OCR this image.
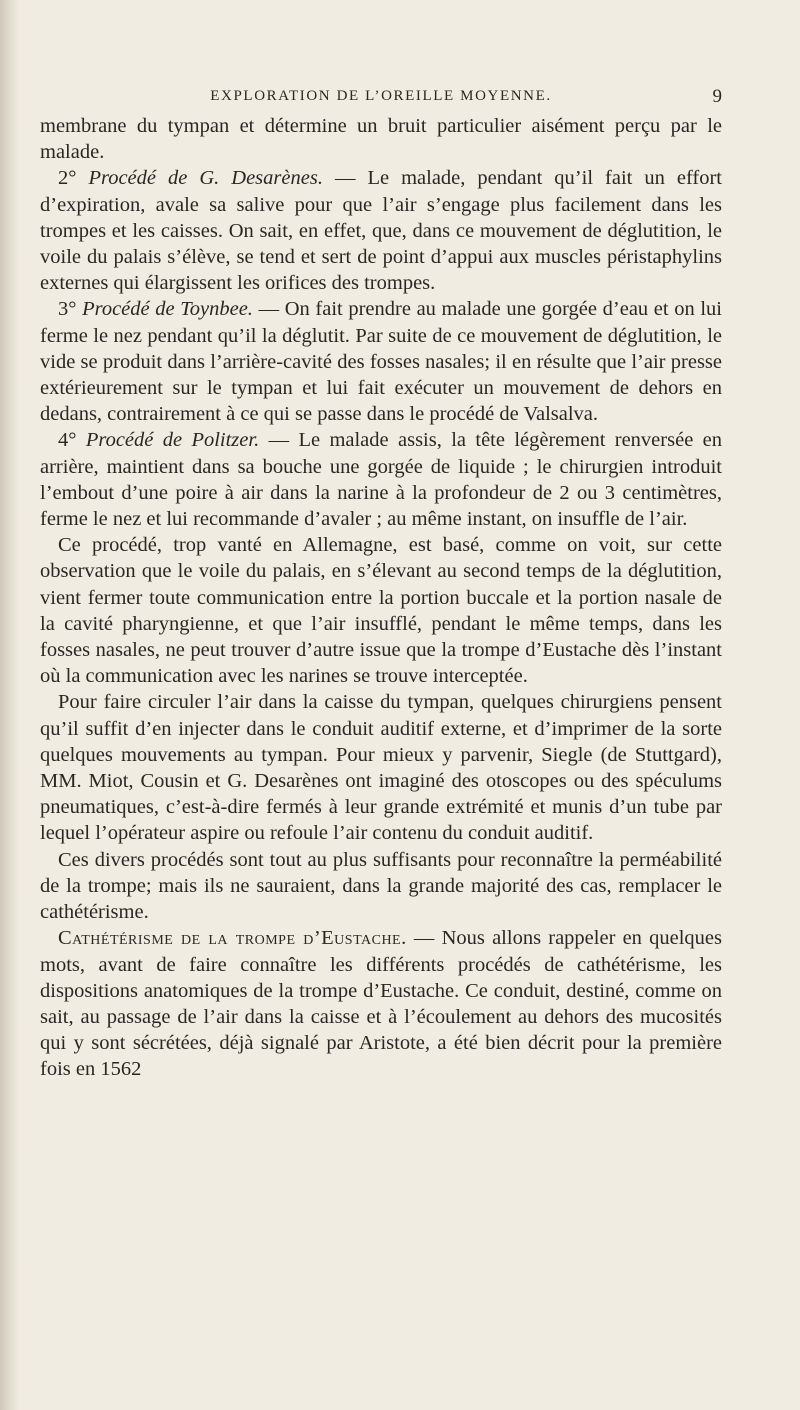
EXPLORATION DE L’OREILLE MOYENNE.	9

membrane du tympan et détermine un bruit particulier aisément perçu par le malade.

2° Procédé de G. Desarènes. — Le malade, pendant qu’il fait un effort d’expiration, avale sa salive pour que l’air s’engage plus facilement dans les trompes et les caisses. On sait, en effet, que, dans ce mouvement de déglutition, le voile du palais s’élève, se tend et sert de point d’appui aux muscles péristaphylins externes qui élargissent les orifices des trompes.

3° Procédé de Toynbee. — On fait prendre au malade une gorgée d’eau et on lui ferme le nez pendant qu’il la déglutit. Par suite de ce mouvement de déglutition, le vide se produit dans l’arrière-cavité des fosses nasales; il en résulte que l’air presse extérieurement sur le tympan et lui fait exécuter un mouvement de dehors en dedans, contrairement à ce qui se passe dans le procédé de Valsalva.

4° Procédé de Politzer. — Le malade assis, la tête légèrement renversée en arrière, maintient dans sa bouche une gorgée de liquide ; le chirurgien introduit l’embout d’une poire à air dans la narine à la profondeur de 2 ou 3 centimètres, ferme le nez et lui recommande d’avaler ; au même instant, on insuffle de l’air.

Ce procédé, trop vanté en Allemagne, est basé, comme on voit, sur cette observation que le voile du palais, en s’élevant au second temps de la déglutition, vient fermer toute communication entre la portion buccale et la portion nasale de la cavité pharyngienne, et que l’air insufflé, pendant le même temps, dans les fosses nasales, ne peut trouver d’autre issue que la trompe d’Eustache dès l’instant où la communication avec les narines se trouve interceptée.

Pour faire circuler l’air dans la caisse du tympan, quelques chirurgiens pensent qu’il suffit d’en injecter dans le conduit auditif externe, et d’imprimer de la sorte quelques mouvements au tympan. Pour mieux y parvenir, Siegle (de Stuttgard), MM. Miot, Cousin et G. Desarènes ont imaginé des otoscopes ou des spéculums pneumatiques, c’est-à-dire fermés à leur grande extrémité et munis d’un tube par lequel l’opérateur aspire ou refoule l’air contenu du conduit auditif.

Ces divers procédés sont tout au plus suffisants pour reconnaître la perméabilité de la trompe; mais ils ne sauraient, dans la grande majorité des cas, remplacer le cathétérisme.

Cathétérisme de la trompe d’Eustache. — Nous allons rappeler en quelques mots, avant de faire connaître les différents procédés de cathétérisme, les dispositions anatomiques de la trompe d’Eustache. Ce conduit, destiné, comme on sait, au passage de l’air dans la caisse et à l’écoulement au dehors des mucosités qui y sont sécrétées, déjà signalé par Aristote, a été bien décrit pour la première fois en 1562
